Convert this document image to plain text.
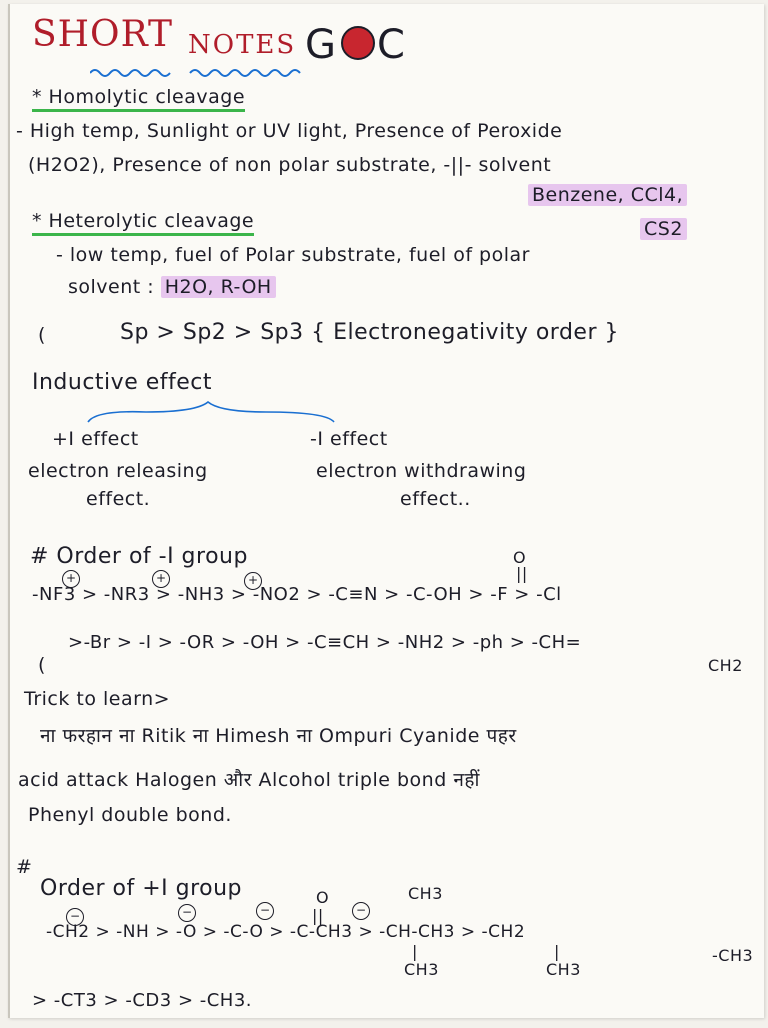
SHORT NOTES G C
* Homolytic cleavage
- High temp, Sunlight or UV light, Presence of Peroxide
(H2O2), Presence of non polar substrate, -||- solvent
Benzene, CCl4,
* Heterolytic cleavage	CS2
- low temp, fuel of Polar substrate, fuel of polar
solvent : H2O, R-OH
(	Sp > Sp2 > Sp3 { Electronegativity order }
Inductive effect
+I effect	-I effect
electron releasing	electron withdrawing
effect.	effect..
# Order of -I group	O
||
+	+	+
-NF3 > -NR3 > -NH3 > -NO2 > -C≡N > -C-OH > -F > -Cl
>-Br > -I > -OR > -OH > -C≡CH > -NH2 > -ph > -CH=
CH2
(
Trick to learn>
ना फरहान ना Ritik ना Himesh ना Ompuri Cyanide पहर
acid attack Halogen और Alcohol triple bond नहीं
Phenyl double bond.
#
Order of +I group	CH3
O
||
−	−	−	−
-CH2 > -NH > -O > -C-O > -C-CH3 > -CH-CH3 > -CH2
-CH3
|	|
CH3	CH3
> -CT3 > -CD3 > -CH3.
